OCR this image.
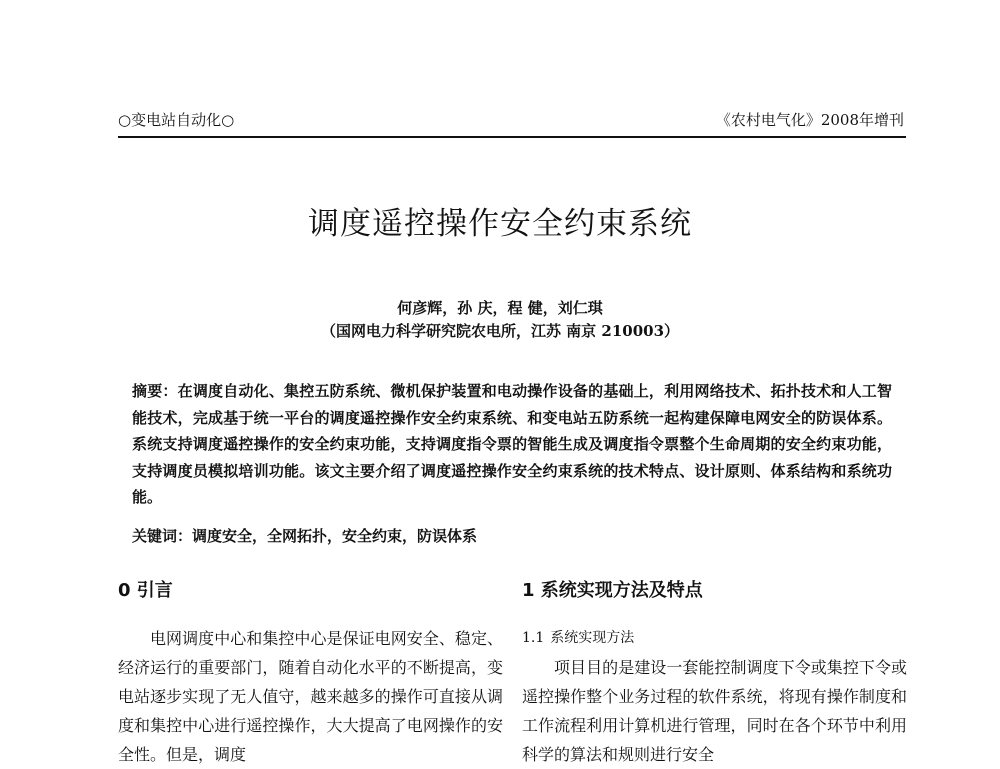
○变电站自动化○	《农村电气化》2008年增刊
调度遥控操作安全约束系统
何彦辉，孙 庆，程 健，刘仁琪
（国网电力科学研究院农电所，江苏 南京 210003）
摘要：在调度自动化、集控五防系统、微机保护装置和电动操作设备的基础上，利用网络技术、拓扑技术和人工智能技术，完成基于统一平台的调度遥控操作安全约束系统、和变电站五防系统一起构建保障电网安全的防误体系。系统支持调度遥控操作的安全约束功能，支持调度指令票的智能生成及调度指令票整个生命周期的安全约束功能，支持调度员模拟培训功能。该文主要介绍了调度遥控操作安全约束系统的技术特点、设计原则、体系结构和系统功能。
关键词：调度安全，全网拓扑，安全约束，防误体系
0 引言	1 系统实现方法及特点

电网调度中心和集控中心是保证电网安全、稳定、经济运行的重要部门，随着自动化水平的不断提高，变电站逐步实现了无人值守，越来越多的操作可直接从调度和集控中心进行遥控操作，大大提高了电网操作的安全性。但是，调度

1.1 系统实现方法

项目目的是建设一套能控制调度下令或集控下令或遥控操作整个业务过程的软件系统，将现有操作制度和工作流程利用计算机进行管理，同时在各个环节中利用科学的算法和规则进行安全
